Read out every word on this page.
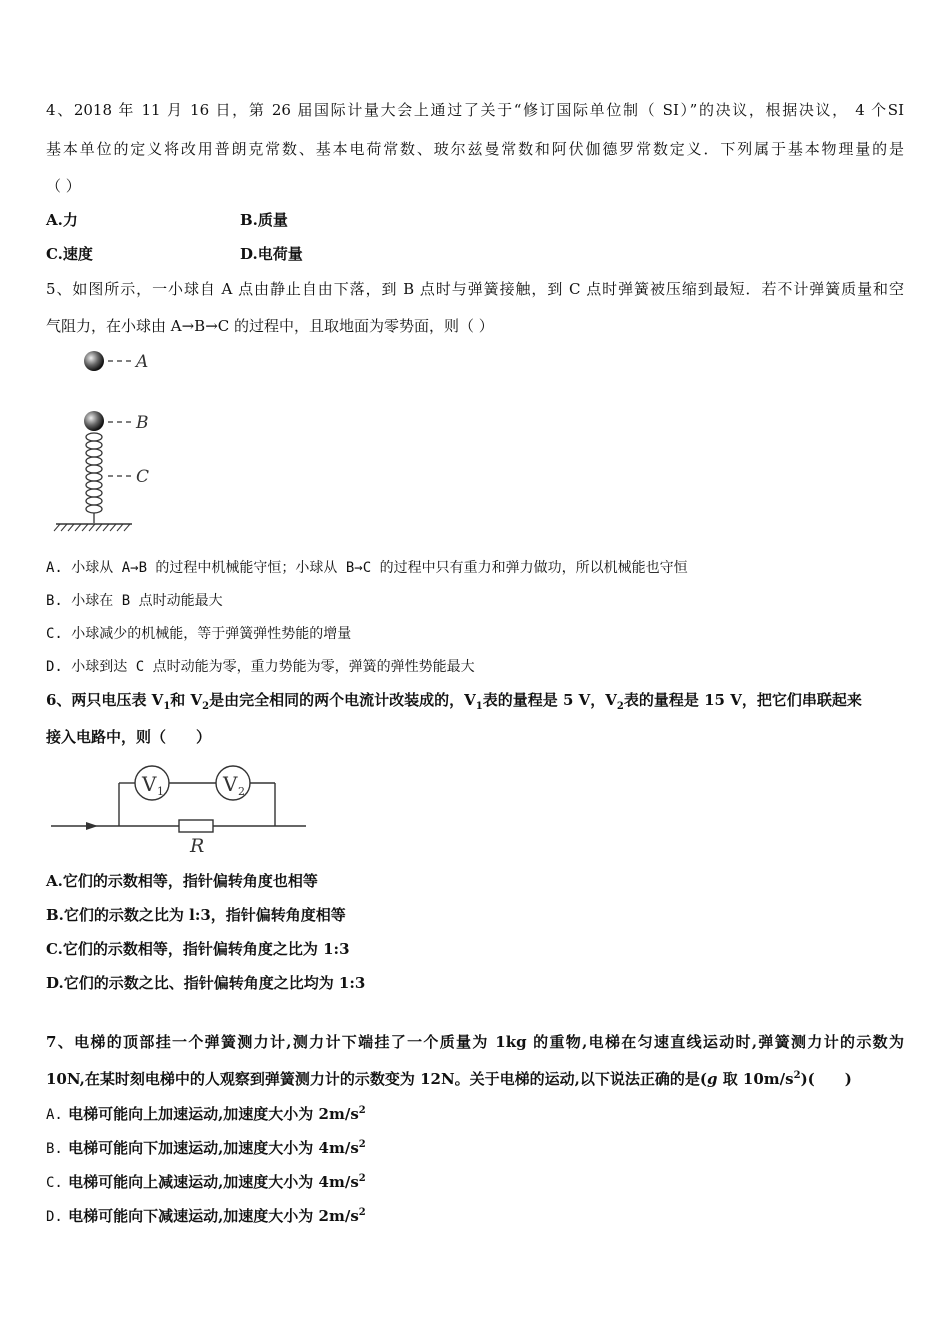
4、2018 年 11 月 16 日，第 26 届国际计量大会上通过了关于“修订国际单位制（ SI）”的决议，根据决议， 4 个SI
基本单位的定义将改用普朗克常数、基本电荷常数、玻尔兹曼常数和阿伏伽德罗常数定义．下列属于基本物理量的是
（ ）
A.力	B.质量
C.速度	D.电荷量
5、如图所示，一小球自 A 点由静止自由下落，到 B 点时与弹簧接触，到 C 点时弹簧被压缩到最短．若不计弹簧质量和空
气阻力，在小球由 A→B→C 的过程中，且取地面为零势面，则（ ）
A
B
C
A. 小球从 A→B 的过程中机械能守恒；小球从 B→C 的过程中只有重力和弹力做功，所以机械能也守恒
B. 小球在 B 点时动能最大
C. 小球减少的机械能，等于弹簧弹性势能的增量
D. 小球到达 C 点时动能为零，重力势能为零，弹簧的弹性势能最大
6、两只电压表 $V_1$和 $V_2$是由完全相同的两个电流计改装成的，$V_1$表的量程是 5 V，$V_2$表的量程是 15 V，把它们串联起来
接入电路中，则（　　）
V 1	V 2
R
A.它们的示数相等，指针偏转角度也相等
B.它们的示数之比为 l:3，指针偏转角度相等
C.它们的示数相等，指针偏转角度之比为 1:3
D.它们的示数之比、指针偏转角度之比均为 1:3
7、电梯的顶部挂一个弹簧测力计,测力计下端挂了一个质量为 1kg 的重物,电梯在匀速直线运动时,弹簧测力计的示数为
10N,在某时刻电梯中的人观察到弹簧测力计的示数变为 12N。关于电梯的运动,以下说法正确的是(g 取 $10m/s^2$)(　　)
A. 电梯可能向上加速运动,加速度大小为 $2m/s^2$
B. 电梯可能向下加速运动,加速度大小为 $4m/s^2$
C. 电梯可能向上减速运动,加速度大小为 $4m/s^2$
D. 电梯可能向下减速运动,加速度大小为 $2m/s^2$
